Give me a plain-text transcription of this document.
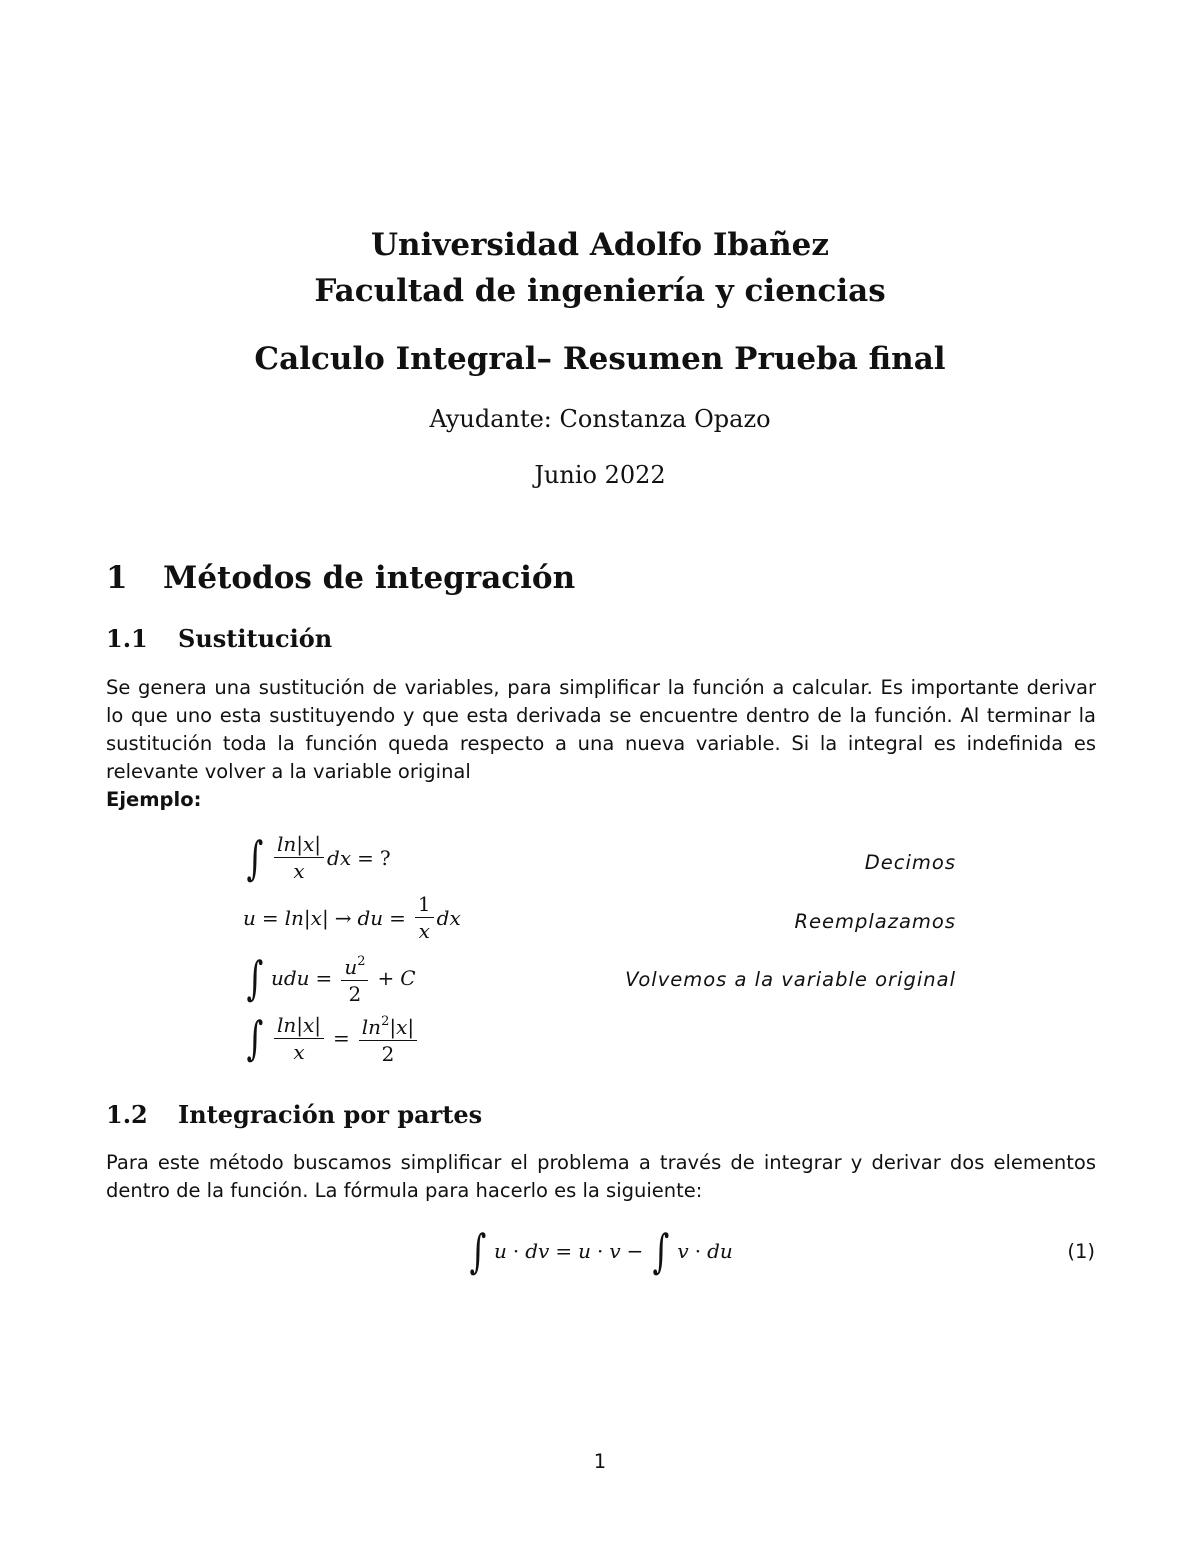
Universidad Adolfo Ibañez
Facultad de ingeniería y ciencias
Calculo Integral– Resumen Prueba final
Ayudante: Constanza Opazo
Junio 2022
1 Métodos de integración
1.1 Sustitución
Se genera una sustitución de variables, para simplificar la función a calcular. Es importante derivar lo que uno esta sustituyendo y que esta derivada se encuentre dentro de la función. Al terminar la sustitución toda la función queda respecto a una nueva variable. Si la integral es indefinida es relevante volver a la variable original
Ejemplo:
∫ $\frac{\ln|x|}{x}$ dx = ?	Decimos
u = ln|x| → du = $\frac{1}{x}$ dx	Reemplazamos
∫ udu = $\frac{u^2}{2} + C$	Volvemos a la variable original
∫ $\frac{\ln|x|}{x} = \frac{\ln^2|x|}{2}$
1.2 Integración por partes
Para este método buscamos simplificar el problema a través de integrar y derivar dos elementos dentro de la función. La fórmula para hacerlo es la siguiente:
∫ u · dv = u · v − ∫ v · du	(1)
1
